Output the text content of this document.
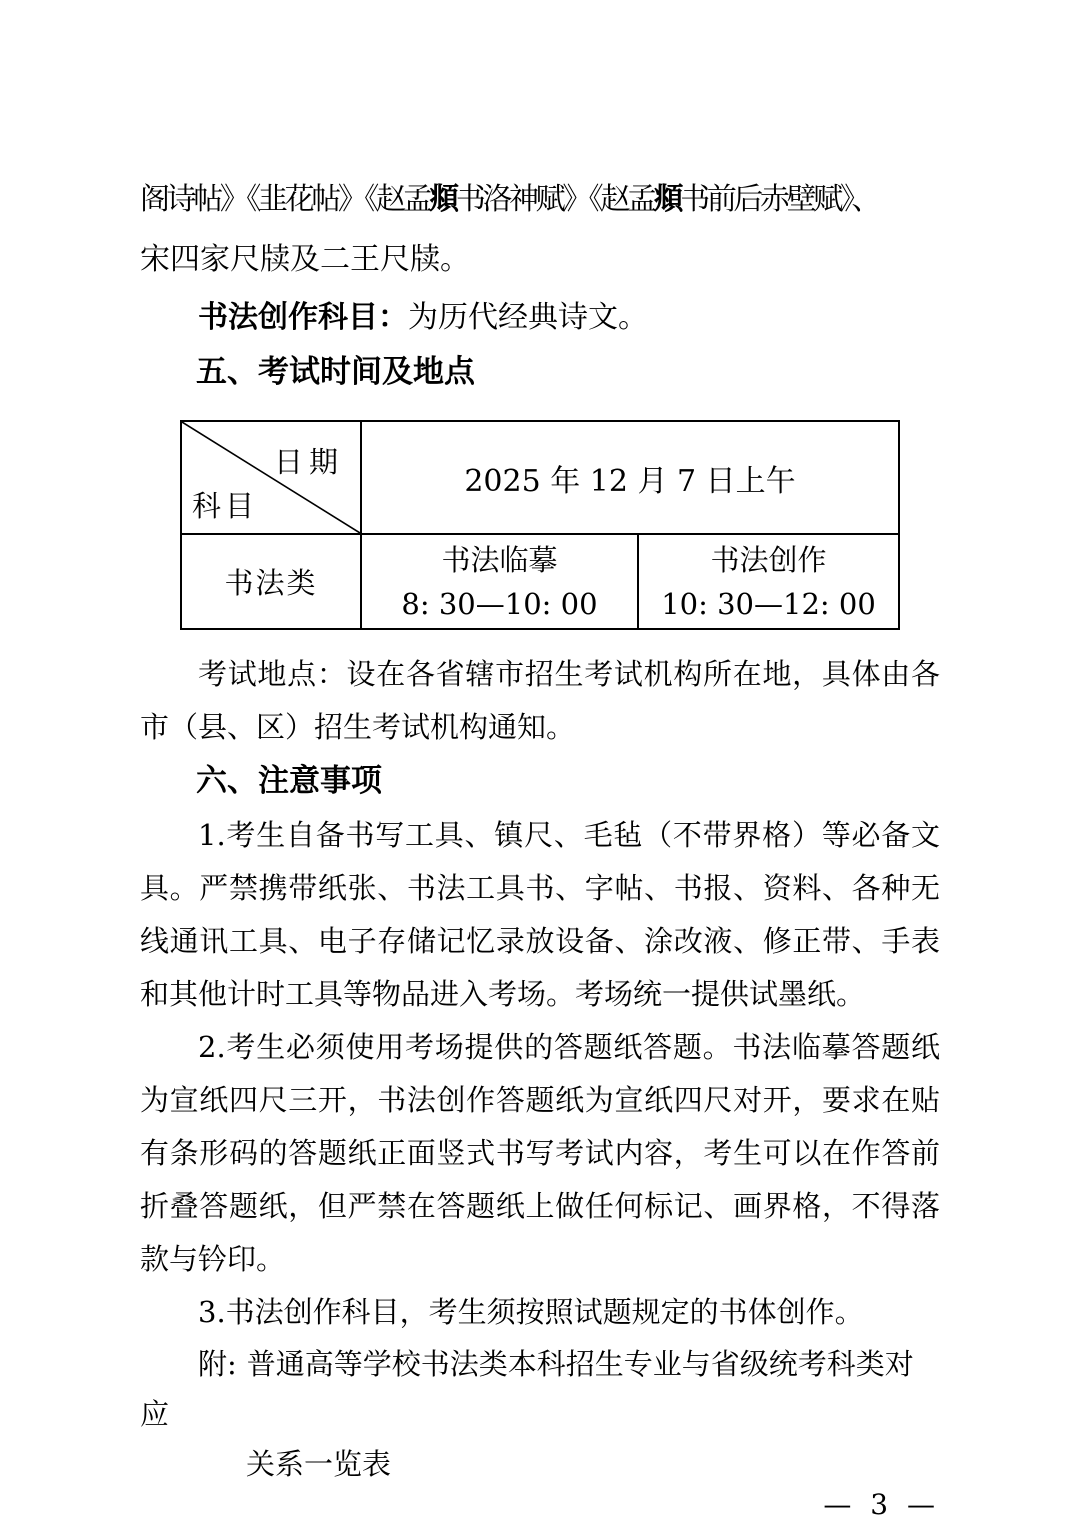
阁诗帖》《韭花帖》《赵孟頫书洛神赋》《赵孟頫书前后赤壁赋》、
宋四家尺牍及二王尺牍。
书法创作科目：为历代经典诗文。
五、考试时间及地点
日期
科目
2025 年 12 月 7 日上午
书法类
书法临摹
8: 30—10: 00
书法创作
10: 30—12: 00
考试地点：设在各省辖市招生考试机构所在地，具体由各市（县、区）招生考试机构通知。
六、注意事项
1.考生自备书写工具、镇尺、毛毡（不带界格）等必备文具。严禁携带纸张、书法工具书、字帖、书报、资料、各种无线通讯工具、电子存储记忆录放设备、涂改液、修正带、手表和其他计时工具等物品进入考场。考场统一提供试墨纸。
2.考生必须使用考场提供的答题纸答题。书法临摹答题纸为宣纸四尺三开，书法创作答题纸为宣纸四尺对开，要求在贴有条形码的答题纸正面竖式书写考试内容，考生可以在作答前折叠答题纸，但严禁在答题纸上做任何标记、画界格，不得落款与钤印。
3.书法创作科目，考生须按照试题规定的书体创作。
附: 普通高等学校书法类本科招生专业与省级统考科类对应
关系一览表
— 3 —
